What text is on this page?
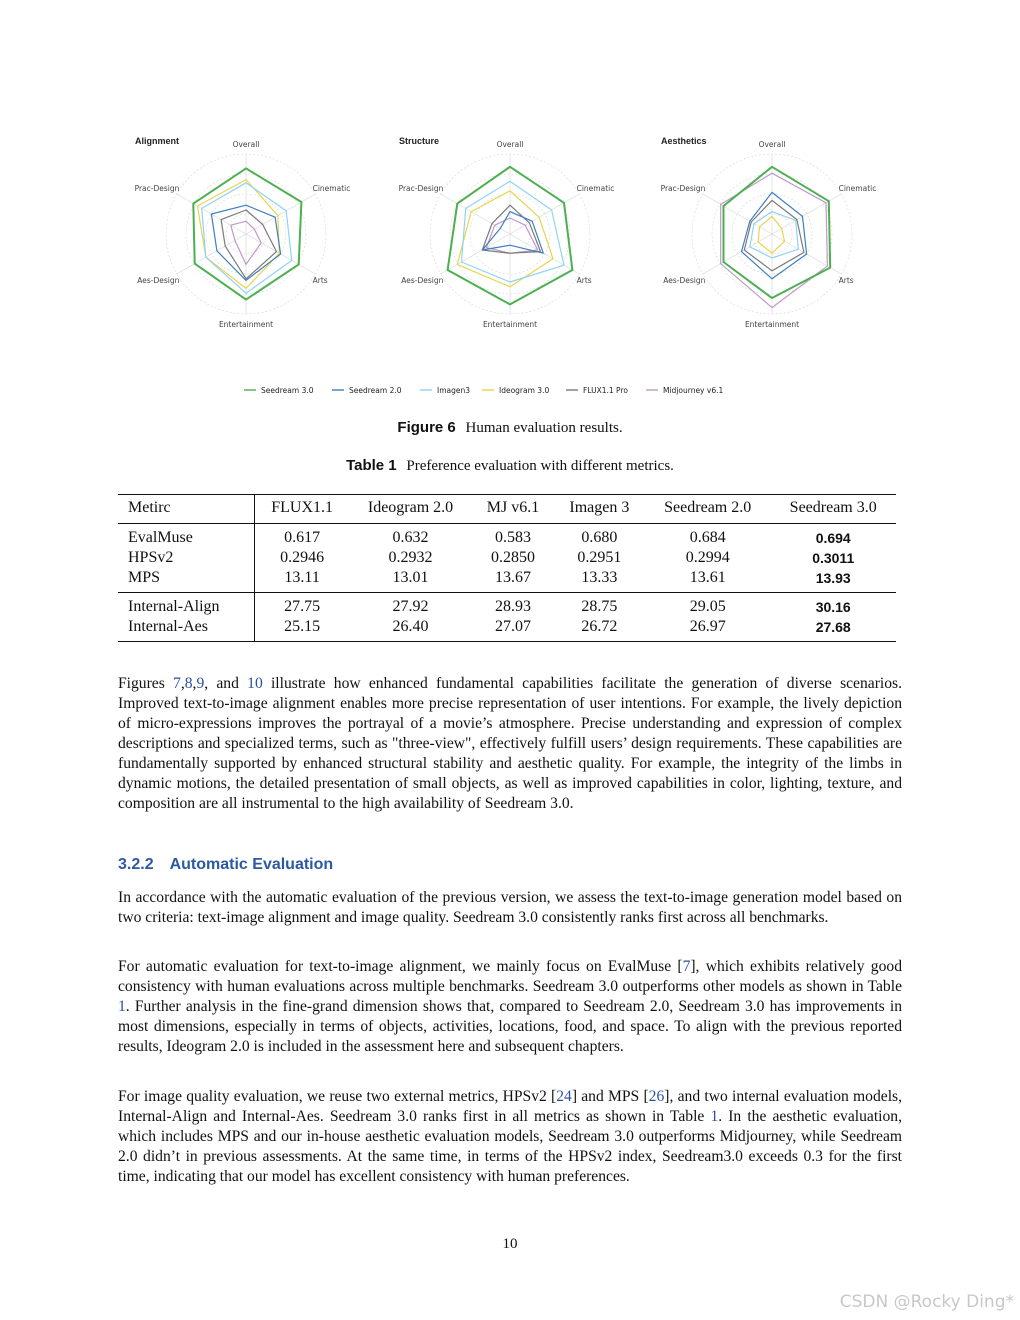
Alignment	Overall
Cinematic
Arts
Entertainment
Aes-Design
Prac-Design
Structure	Overall
Cinematic
Arts
Entertainment
Aes-Design
Prac-Design
Aesthetics	Overall
Cinematic
Arts
Entertainment
Aes-Design
Prac-Design
Seedream 3.0	Seedream 2.0	Imagen3	Ideogram 3.0	FLUX1.1 Pro	Midjourney v6.1
Figure 6 Human evaluation results.
Table 1 Preference evaluation with different metrics.
Metirc	FLUX1.1	Ideogram 2.0	MJ v6.1	Imagen 3	Seedream 2.0	Seedream 3.0
EvalMuse	0.617	0.632	0.583	0.680	0.684	0.694
HPSv2	0.2946	0.2932	0.2850	0.2951	0.2994	0.3011
MPS	13.11	13.01	13.67	13.33	13.61	13.93
Internal-Align	27.75	27.92	28.93	28.75	29.05	30.16
Internal-Aes	25.15	26.40	27.07	26.72	26.97	27.68

Figures 7,8,9, and 10 illustrate how enhanced fundamental capabilities facilitate the generation of diverse scenarios. Improved text-to-image alignment enables more precise representation of user intentions. For example, the lively depiction of micro-expressions improves the portrayal of a movie’s atmosphere. Precise understanding and expression of complex descriptions and specialized terms, such as "three-view", effectively fulfill users’ design requirements. These capabilities are fundamentally supported by enhanced structural stability and aesthetic quality. For example, the integrity of the limbs in dynamic motions, the detailed presentation of small objects, as well as improved capabilities in color, lighting, texture, and composition are all instrumental to the high availability of Seedream 3.0.

3.2.2 Automatic Evaluation

In accordance with the automatic evaluation of the previous version, we assess the text-to-image generation model based on two criteria: text-image alignment and image quality. Seedream 3.0 consistently ranks first across all benchmarks.

For automatic evaluation for text-to-image alignment, we mainly focus on EvalMuse [7], which exhibits relatively good consistency with human evaluations across multiple benchmarks. Seedream 3.0 outperforms other models as shown in Table 1. Further analysis in the fine-grand dimension shows that, compared to Seedream 2.0, Seedream 3.0 has improvements in most dimensions, especially in terms of objects, activities, locations, food, and space. To align with the previous reported results, Ideogram 2.0 is included in the assessment here and subsequent chapters.

For image quality evaluation, we reuse two external metrics, HPSv2 [24] and MPS [26], and two internal evaluation models, Internal-Align and Internal-Aes. Seedream 3.0 ranks first in all metrics as shown in Table 1. In the aesthetic evaluation, which includes MPS and our in-house aesthetic evaluation models, Seedream 3.0 outperforms Midjourney, while Seedream 2.0 didn’t in previous assessments. At the same time, in terms of the HPSv2 index, Seedream3.0 exceeds 0.3 for the first time, indicating that our model has excellent consistency with human preferences.

10
CSDN @Rocky Ding*
